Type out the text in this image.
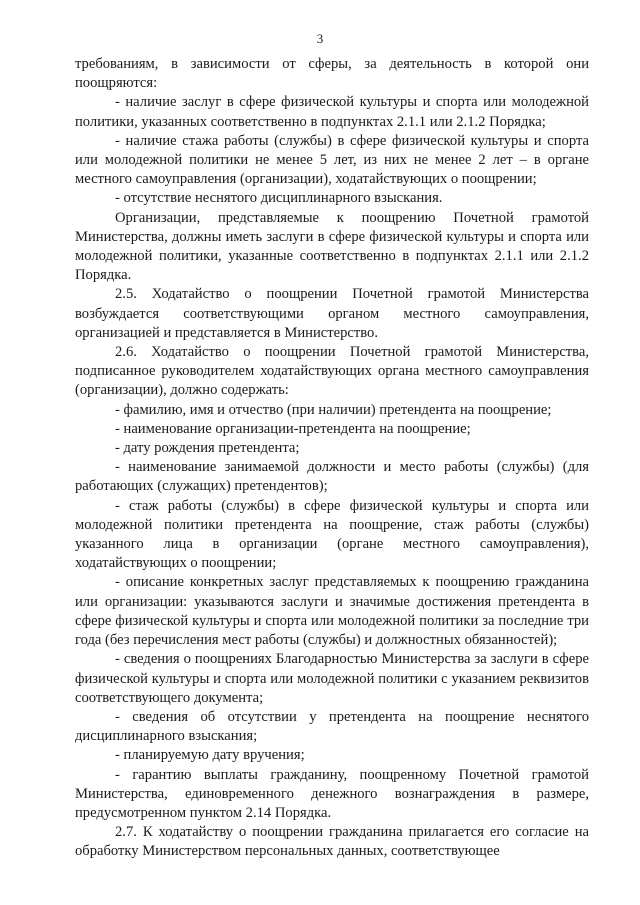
3

требованиям, в зависимости от сферы, за деятельность в которой они поощряются:

- наличие заслуг в сфере физической культуры и спорта или молодежной политики, указанных соответственно в подпунктах 2.1.1 или 2.1.2 Порядка;

- наличие стажа работы (службы) в сфере физической культуры и спорта или молодежной политики не менее 5 лет, из них не менее 2 лет – в органе местного самоуправления (организации), ходатайствующих о поощрении;

- отсутствие неснятого дисциплинарного взыскания.

Организации, представляемые к поощрению Почетной грамотой Министерства, должны иметь заслуги в сфере физической культуры и спорта или молодежной политики, указанные соответственно в подпунктах 2.1.1 или 2.1.2 Порядка.

2.5. Ходатайство о поощрении Почетной грамотой Министерства возбуждается соответствующими органом местного самоуправления, организацией и представляется в Министерство.

2.6. Ходатайство о поощрении Почетной грамотой Министерства, подписанное руководителем ходатайствующих органа местного самоуправления (организации), должно содержать:

- фамилию, имя и отчество (при наличии) претендента на поощрение;

- наименование организации-претендента на поощрение;

- дату рождения претендента;

- наименование занимаемой должности и место работы (службы) (для работающих (служащих) претендентов);

- стаж работы (службы) в сфере физической культуры и спорта или молодежной политики претендента на поощрение, стаж работы (службы) указанного лица в организации (органе местного самоуправления), ходатайствующих о поощрении;

- описание конкретных заслуг представляемых к поощрению гражданина или организации: указываются заслуги и значимые достижения претендента в сфере физической культуры и спорта или молодежной политики за последние три года (без перечисления мест работы (службы) и должностных обязанностей);

- сведения о поощрениях Благодарностью Министерства за заслуги в сфере физической культуры и спорта или молодежной политики с указанием реквизитов соответствующего документа;

- сведения об отсутствии у претендента на поощрение неснятого дисциплинарного взыскания;

- планируемую дату вручения;

- гарантию выплаты гражданину, поощренному Почетной грамотой Министерства, единовременного денежного вознаграждения в размере, предусмотренном пунктом 2.14 Порядка.

2.7. К ходатайству о поощрении гражданина прилагается его согласие на обработку Министерством персональных данных, соответствующее
